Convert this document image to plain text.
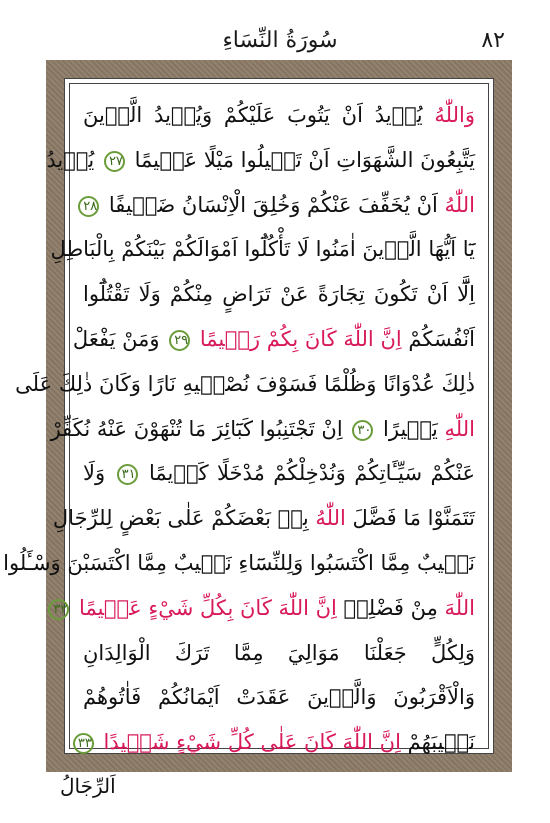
سُورَةُ النِّسَاءِ	٨٢
وَاللّٰهُ يُرٖيدُ اَنْ يَتُوبَ عَلَيْكُمْ وَيُرٖيدُ الَّذٖينَ
يَتَّبِعُونَ الشَّهَوَاتِ اَنْ تَمٖيلُوا مَيْلًا عَظٖيمًا ٢٧ يُرٖيدُ
اللّٰهُ اَنْ يُخَفِّفَ عَنْكُمْ وَخُلِقَ الْاِنْسَانُ ضَعٖيفًا ٢٨
يَٓا اَيُّهَا الَّذٖينَ اٰمَنُوا لَا تَأْكُلُٓوا اَمْوَالَكُمْ بَيْنَكُمْ بِالْبَاطِلِ
اِلَّٓا اَنْ تَكُونَ تِجَارَةً عَنْ تَرَاضٍ مِنْكُمْ وَلَا تَقْتُلُٓوا
اَنْفُسَكُمْ اِنَّ اللّٰهَ كَانَ بِكُمْ رَحٖيمًا ٢٩ وَمَنْ يَفْعَلْ
ذٰلِكَ عُدْوَانًا وَظُلْمًا فَسَوْفَ نُصْلٖيهِ نَارًا وَكَانَ ذٰلِكَ عَلَى
اللّٰهِ يَسٖيرًا ٣٠ اِنْ تَجْتَنِبُوا كَبَٓائِرَ مَا تُنْهَوْنَ عَنْهُ نُكَفِّرْ
عَنْكُمْ سَيِّـَٔاتِكُمْ وَنُدْخِلْكُمْ مُدْخَلًا كَرٖيمًا ٣١ وَلَا
تَتَمَنَّوْا مَا فَضَّلَ اللّٰهُ بِهٖ بَعْضَكُمْ عَلٰى بَعْضٍ لِلرِّجَالِ
نَصٖيبٌ مِمَّا اكْتَسَبُوا وَلِلنِّسَٓاءِ نَصٖيبٌ مِمَّا اكْتَسَبْنَ وَسْـَٔلُوا
اللّٰهَ مِنْ فَضْلِهٖ اِنَّ اللّٰهَ كَانَ بِكُلِّ شَيْءٍ عَلٖيمًا ٣٢
وَلِكُلٍّ جَعَلْنَا مَوَالِيَ مِمَّا تَرَكَ الْوَالِدَانِ
وَالْاَقْرَبُونَ وَالَّذٖينَ عَقَدَتْ اَيْمَانُكُمْ فَاٰتُوهُمْ
نَصٖيبَهُمْ اِنَّ اللّٰهَ كَانَ عَلٰى كُلِّ شَيْءٍ شَهٖيدًا ٣٣
اَلرِّجَالُ
